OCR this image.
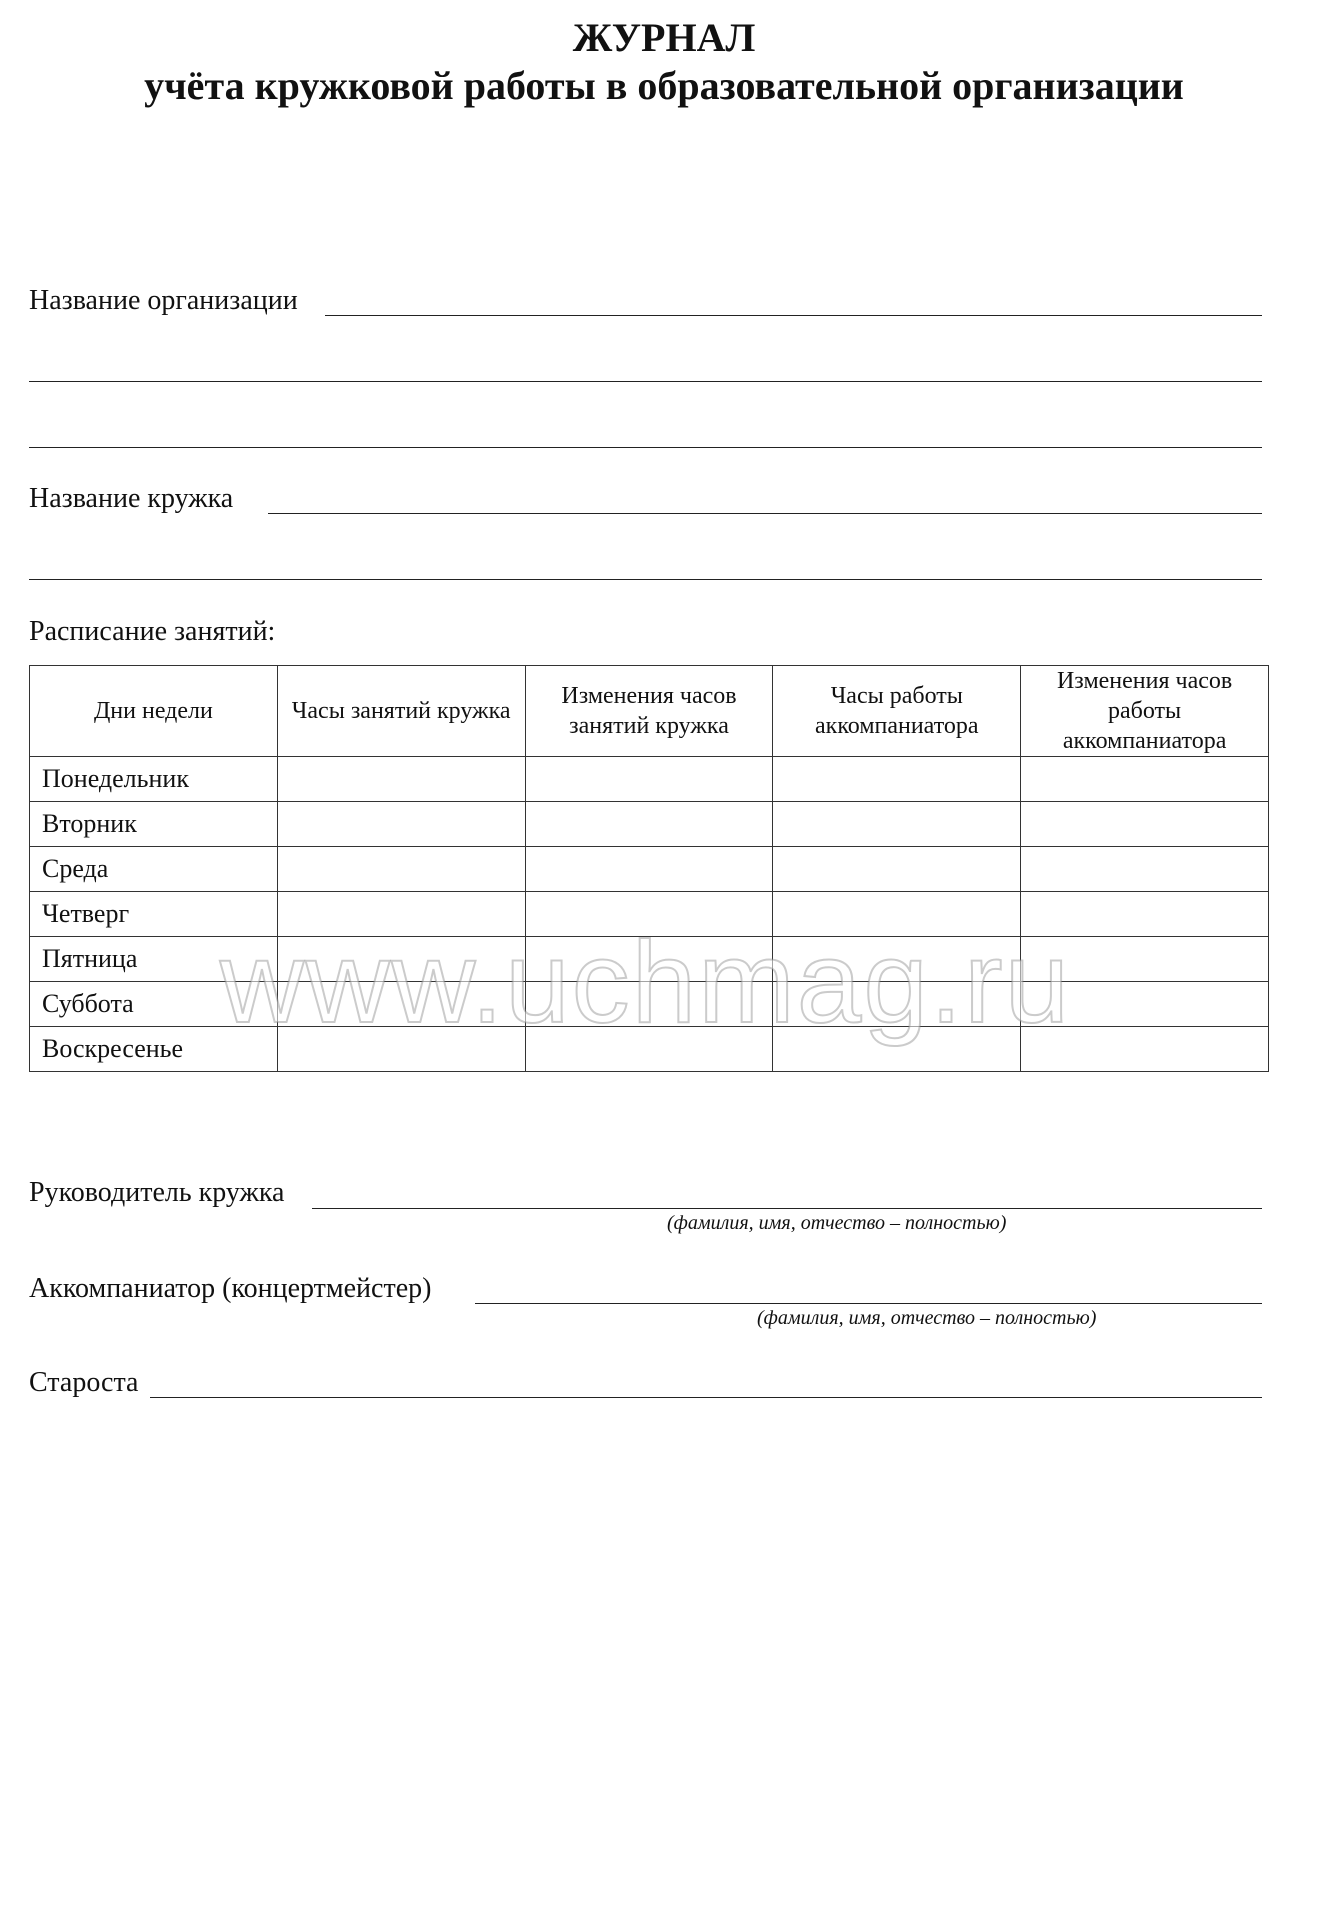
ЖУРНАЛ
учёта кружковой работы в образовательной организации
Название организации
Название кружка
Расписание занятий:
Дни недели	Часы занятий кружка	Изменения часов занятий кружка	Часы работы аккомпаниатора	Изменения часов работы аккомпаниатора
Понедельник				
Вторник				
Среда				
Четверг				
Пятница				
Суббота				
Воскресенье				
www.uchmag.ru
Руководитель кружка
(фамилия, имя, отчество – полностью)
Аккомпаниатор (концертмейстер)
(фамилия, имя, отчество – полностью)
Староста
